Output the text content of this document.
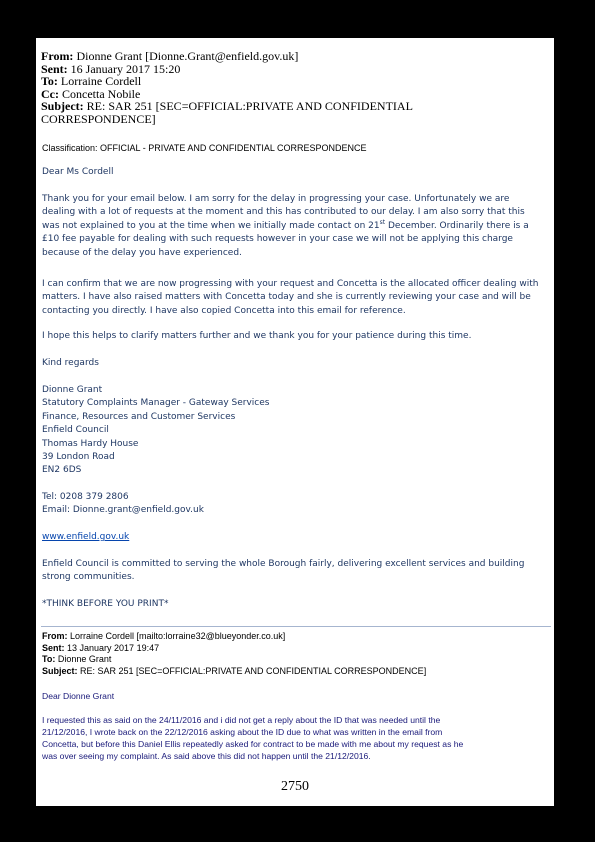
From: Dionne Grant [Dionne.Grant@enfield.gov.uk]
Sent: 16 January 2017 15:20
To: Lorraine Cordell
Cc: Concetta Nobile
Subject: RE: SAR 251 [SEC=OFFICIAL:PRIVATE AND CONFIDENTIAL
CORRESPONDENCE]
Classification: OFFICIAL - PRIVATE AND CONFIDENTIAL CORRESPONDENCE
Dear Ms Cordell

Thank you for your email below. I am sorry for the delay in progressing your case. Unfortunately we are

dealing with a lot of requests at the moment and this has contributed to our delay. I am also sorry that this

was not explained to you at the time when we initially made contact on 21st December. Ordinarily there is a

£10 fee payable for dealing with such requests however in your case we will not be applying this charge

because of the delay you have experienced.

I can confirm that we are now progressing with your request and Concetta is the allocated officer dealing with

matters. I have also raised matters with Concetta today and she is currently reviewing your case and will be

contacting you directly. I have also copied Concetta into this email for reference.

I hope this helps to clarify matters further and we thank you for your patience during this time.
Kind regards

Dionne Grant

Statutory Complaints Manager - Gateway Services

Finance, Resources and Customer Services

Enfield Council

Thomas Hardy House

39 London Road

EN2 6DS

Tel: 0208 379 2806

Email: Dionne.grant@enfield.gov.uk

www.enfield.gov.uk

Enfield Council is committed to serving the whole Borough fairly, delivering excellent services and building

strong communities.

*THINK BEFORE YOU PRINT*
From: Lorraine Cordell [mailto:lorraine32@blueyonder.co.uk]
Sent: 13 January 2017 19:47
To: Dionne Grant
Subject: RE: SAR 251 [SEC=OFFICIAL:PRIVATE AND CONFIDENTIAL CORRESPONDENCE]
Dear Dionne Grant

I requested this as said on the 24/11/2016 and i did not get a reply about the ID that was needed until the

21/12/2016, I wrote back on the 22/12/2016 asking about the ID due to what was written in the email from

Concetta, but before this Daniel Ellis repeatedly asked for contract to be made with me about my request as he

was over seeing my complaint. As said above this did not happen until the 21/12/2016.

2750
